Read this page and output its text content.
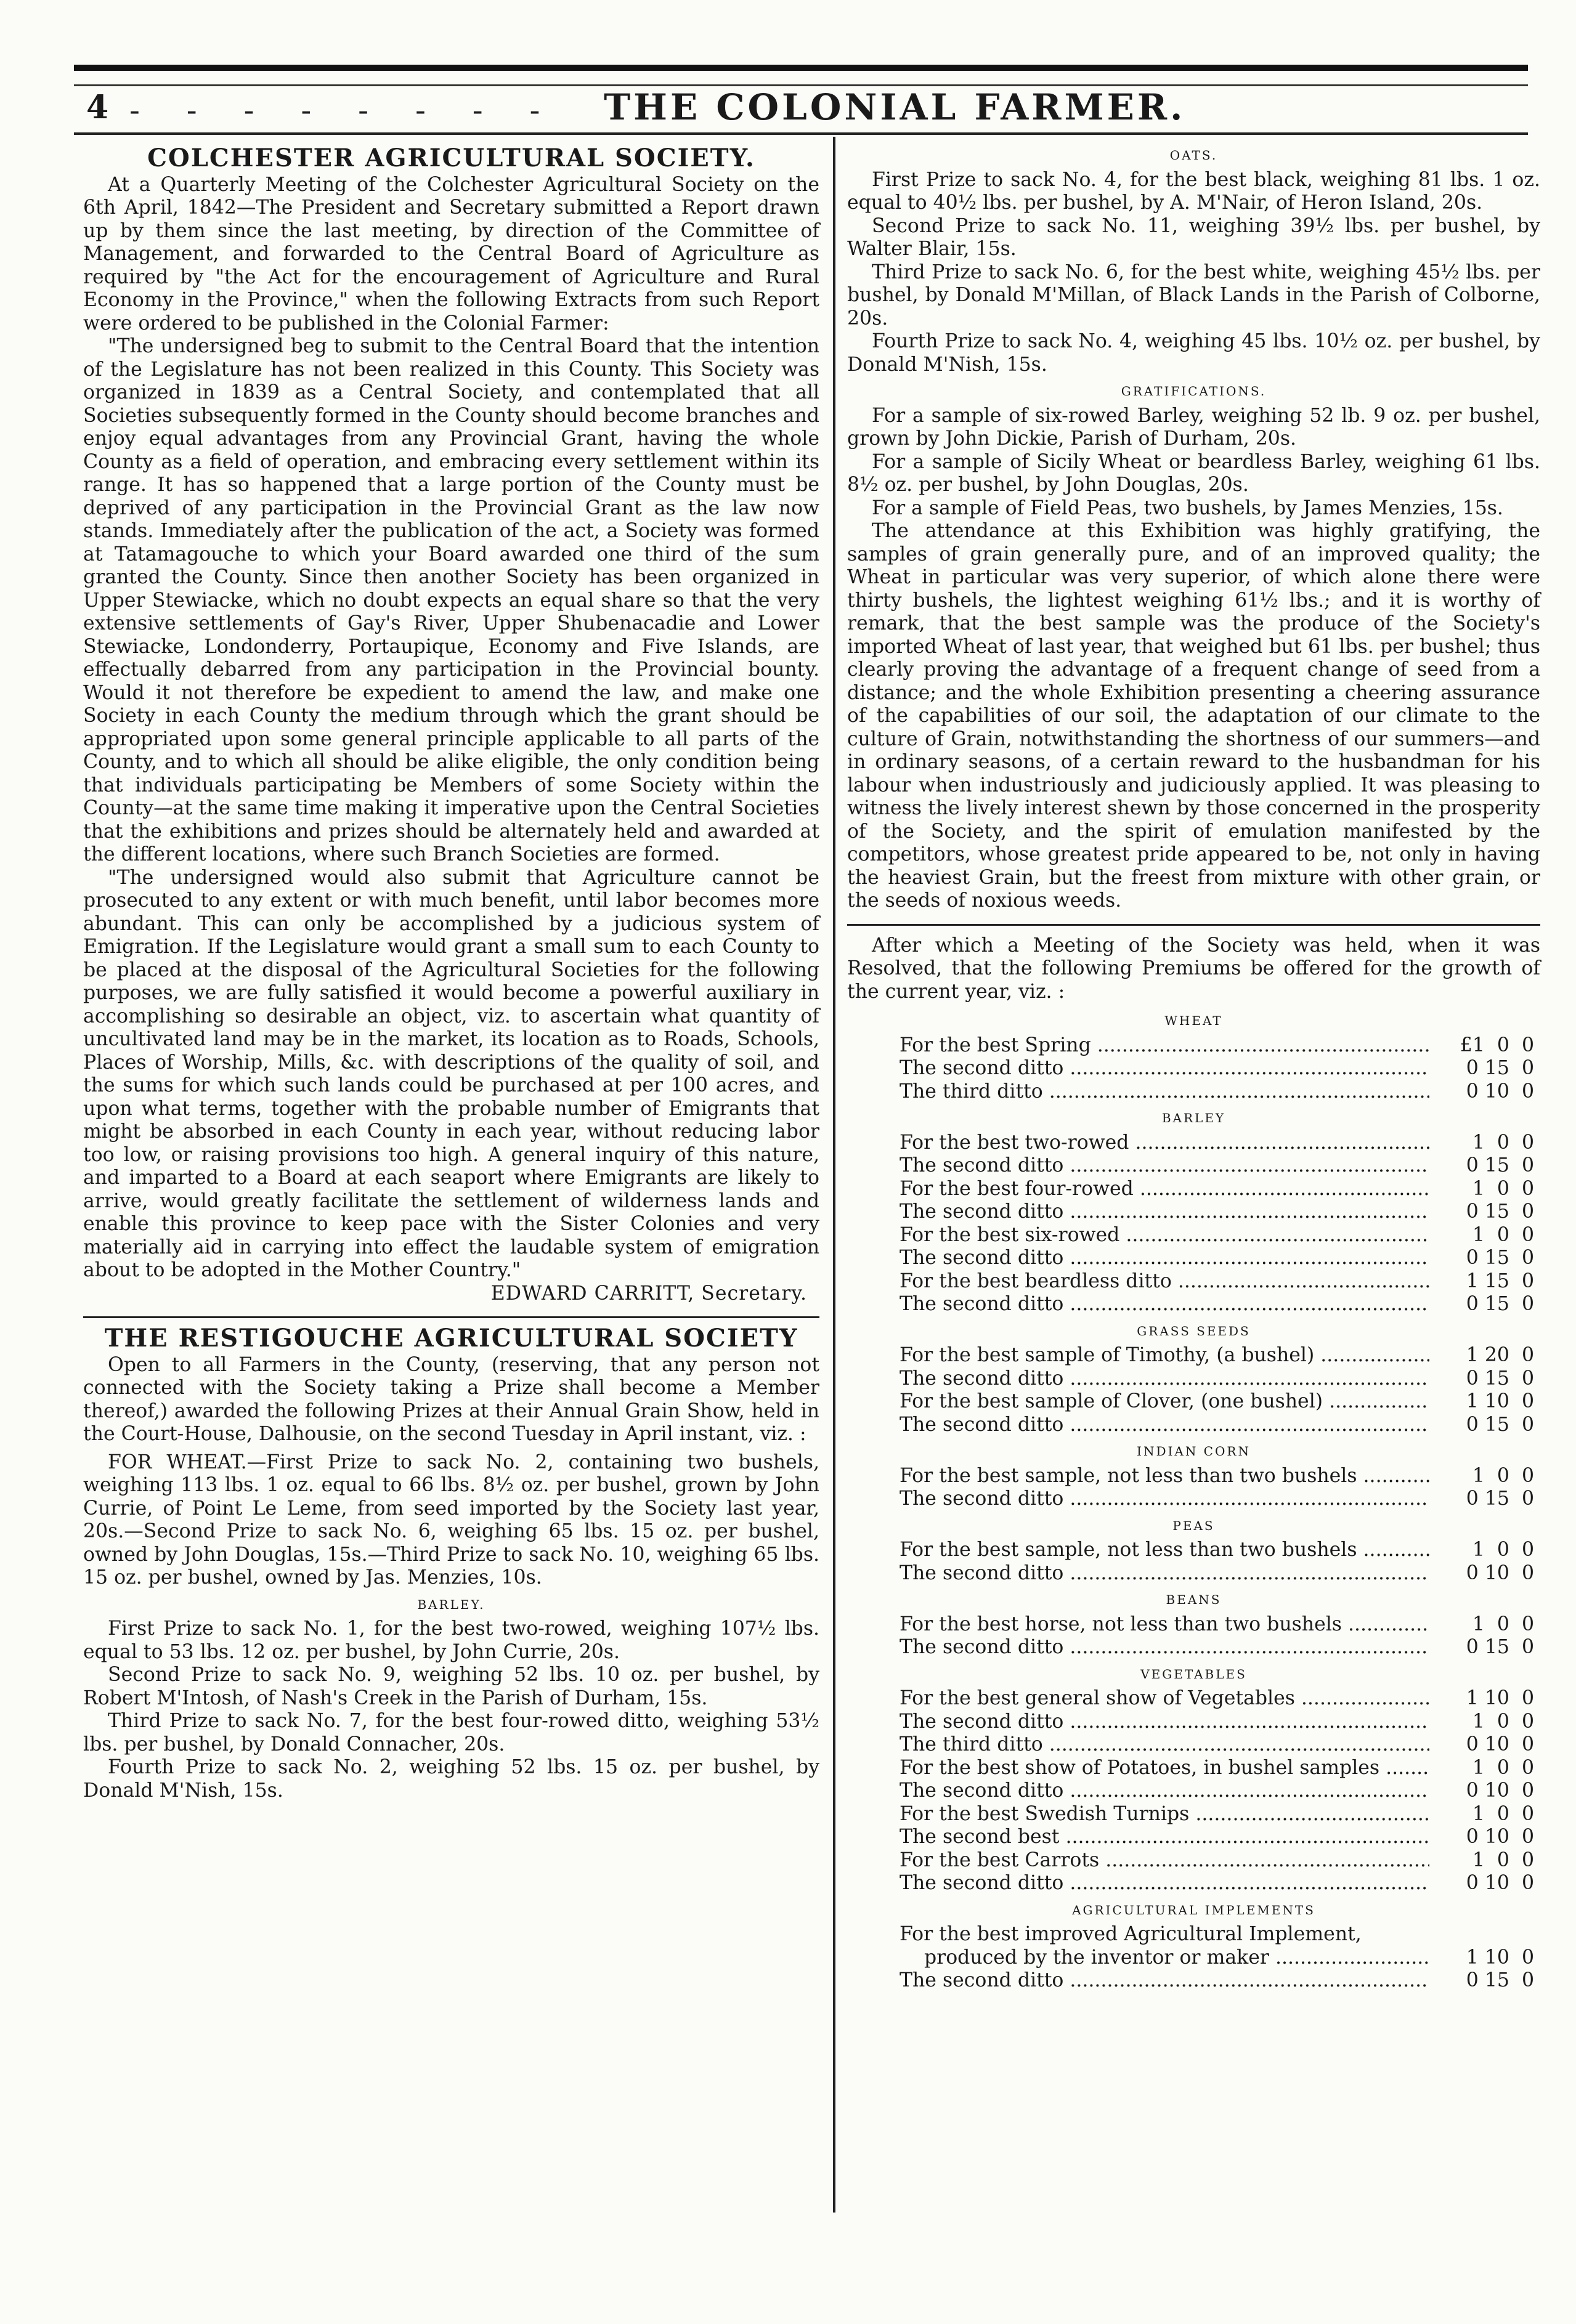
4 - - - - - - - - THE COLONIAL FARMER.
COLCHESTER AGRICULTURAL SOCIETY.

At a Quarterly Meeting of the Colchester Agricultural Society on the 6th April, 1842—The President and Secretary submitted a Report drawn up by them since the last meeting, by direction of the Committee of Management, and forwarded to the Central Board of Agriculture as required by "the Act for the encouragement of Agriculture and Rural Economy in the Province," when the following Extracts from such Report were ordered to be published in the Colonial Farmer:

"The undersigned beg to submit to the Central Board that the intention of the Legislature has not been realized in this County. This Society was organized in 1839 as a Central Society, and contemplated that all Societies subsequently formed in the County should become branches and enjoy equal advantages from any Provincial Grant, having the whole County as a field of operation, and embracing every settlement within its range. It has so happened that a large portion of the County must be deprived of any participation in the Provincial Grant as the law now stands. Immediately after the publication of the act, a Society was formed at Tatamagouche to which your Board awarded one third of the sum granted the County. Since then another Society has been organized in Upper Stewiacke, which no doubt expects an equal share so that the very extensive settlements of Gay's River, Upper Shubenacadie and Lower Stewiacke, Londonderry, Portaupique, Economy and Five Islands, are effectually debarred from any participation in the Provincial bounty. Would it not therefore be expedient to amend the law, and make one Society in each County the medium through which the grant should be appropriated upon some general principle applicable to all parts of the County, and to which all should be alike eligible, the only condition being that individuals participating be Members of some Society within the County—at the same time making it imperative upon the Central Societies that the exhibitions and prizes should be alternately held and awarded at the different locations, where such Branch Societies are formed.

"The undersigned would also submit that Agriculture cannot be prosecuted to any extent or with much benefit, until labor becomes more abundant. This can only be accomplished by a judicious system of Emigration. If the Legislature would grant a small sum to each County to be placed at the disposal of the Agricultural Societies for the following purposes, we are fully satisfied it would become a powerful auxiliary in accomplishing so desirable an object, viz. to ascertain what quantity of uncultivated land may be in the market, its location as to Roads, Schools, Places of Worship, Mills, &c. with descriptions of the quality of soil, and the sums for which such lands could be purchased at per 100 acres, and upon what terms, together with the probable number of Emigrants that might be absorbed in each County in each year, without reducing labor too low, or raising provisions too high. A general inquiry of this nature, and imparted to a Board at each seaport where Emigrants are likely to arrive, would greatly facilitate the settlement of wilderness lands and enable this province to keep pace with the Sister Colonies and very materially aid in carrying into effect the laudable system of emigration about to be adopted in the Mother Country."

EDWARD CARRITT, Secretary.
THE RESTIGOUCHE AGRICULTURAL SOCIETY

Open to all Farmers in the County, (reserving, that any person not connected with the Society taking a Prize shall become a Member thereof,) awarded the following Prizes at their Annual Grain Show, held in the Court-House, Dalhousie, on the second Tuesday in April instant, viz. :

FOR WHEAT.—First Prize to sack No. 2, containing two bushels, weighing 113 lbs. 1 oz. equal to 66 lbs. 8½ oz. per bushel, grown by John Currie, of Point Le Leme, from seed imported by the Society last year, 20s.—Second Prize to sack No. 6, weighing 65 lbs. 15 oz. per bushel, owned by John Douglas, 15s.—Third Prize to sack No. 10, weighing 65 lbs. 15 oz. per bushel, owned by Jas. Menzies, 10s.

BARLEY.

First Prize to sack No. 1, for the best two-rowed, weighing 107½ lbs. equal to 53 lbs. 12 oz. per bushel, by John Currie, 20s.

Second Prize to sack No. 9, weighing 52 lbs. 10 oz. per bushel, by Robert M'Intosh, of Nash's Creek in the Parish of Durham, 15s.

Third Prize to sack No. 7, for the best four-rowed ditto, weighing 53½ lbs. per bushel, by Donald Connacher, 20s.

Fourth Prize to sack No. 2, weighing 52 lbs. 15 oz. per bushel, by Donald M'Nish, 15s.

OATS.

First Prize to sack No. 4, for the best black, weighing 81 lbs. 1 oz. equal to 40½ lbs. per bushel, by A. M'Nair, of Heron Island, 20s.

Second Prize to sack No. 11, weighing 39½ lbs. per bushel, by Walter Blair, 15s.

Third Prize to sack No. 6, for the best white, weighing 45½ lbs. per bushel, by Donald M'Millan, of Black Lands in the Parish of Colborne, 20s.

Fourth Prize to sack No. 4, weighing 45 lbs. 10½ oz. per bushel, by Donald M'Nish, 15s.

GRATIFICATIONS.

For a sample of six-rowed Barley, weighing 52 lb. 9 oz. per bushel, grown by John Dickie, Parish of Durham, 20s.

For a sample of Sicily Wheat or beardless Barley, weighing 61 lbs. 8½ oz. per bushel, by John Douglas, 20s.

For a sample of Field Peas, two bushels, by James Menzies, 15s.

The attendance at this Exhibition was highly gratifying, the samples of grain generally pure, and of an improved quality; the Wheat in particular was very superior, of which alone there were thirty bushels, the lightest weighing 61½ lbs.; and it is worthy of remark, that the best sample was the produce of the Society's imported Wheat of last year, that weighed but 61 lbs. per bushel; thus clearly proving the advantage of a frequent change of seed from a distance; and the whole Exhibition presenting a cheering assurance of the capabilities of our soil, the adaptation of our climate to the culture of Grain, notwithstanding the shortness of our summers—and in ordinary seasons, of a certain reward to the husbandman for his labour when industriously and judiciously applied. It was pleasing to witness the lively interest shewn by those concerned in the prosperity of the Society, and the spirit of emulation manifested by the competitors, whose greatest pride appeared to be, not only in having the heaviest Grain, but the freest from mixture with other grain, or the seeds of noxious weeds.

After which a Meeting of the Society was held, when it was Resolved, that the following Premiums be offered for the growth of the current year, viz. :

WHEAT
For the best Spring .....	£1  0  0
The second ditto .....	0 15  0
The third ditto .....	0 10  0
BARLEY
For the best two-rowed .....	1  0  0
The second ditto .....	0 15  0
For the best four-rowed .....	1  0  0
The second ditto .....	0 15  0
For the best six-rowed .....	1  0  0
The second ditto .....	0 15  0
For the best beardless ditto .....	1 15  0
The second ditto .....	0 15  0
GRASS SEEDS
For the best sample of Timothy, (a bushel) .....	1 20  0
The second ditto .....	0 15  0
For the best sample of Clover, (one bushel) .....	1 10  0
The second ditto .....	0 15  0
INDIAN CORN
For the best sample, not less than two bushels .....	1  0  0
The second ditto .....	0 15  0
PEAS
For the best sample, not less than two bushels .....	1  0  0
The second ditto .....	0 10  0
BEANS
For the best horse, not less than two bushels .....	1  0  0
The second ditto .....	0 15  0
VEGETABLES
For the best general show of Vegetables .....	1 10  0
The second ditto .....	1  0  0
The third ditto .....	0 10  0
For the best show of Potatoes, in bushel samples .....	1  0  0
The second ditto .....	0 10  0
For the best Swedish Turnips .....	1  0  0
The second best .....	0 10  0
For the best Carrots .....	1  0  0
The second ditto .....	0 10  0
AGRICULTURAL IMPLEMENTS
For the best improved Agricultural Implement,
produced by the inventor or maker .....	1 10  0
The second ditto .....	0 15  0
